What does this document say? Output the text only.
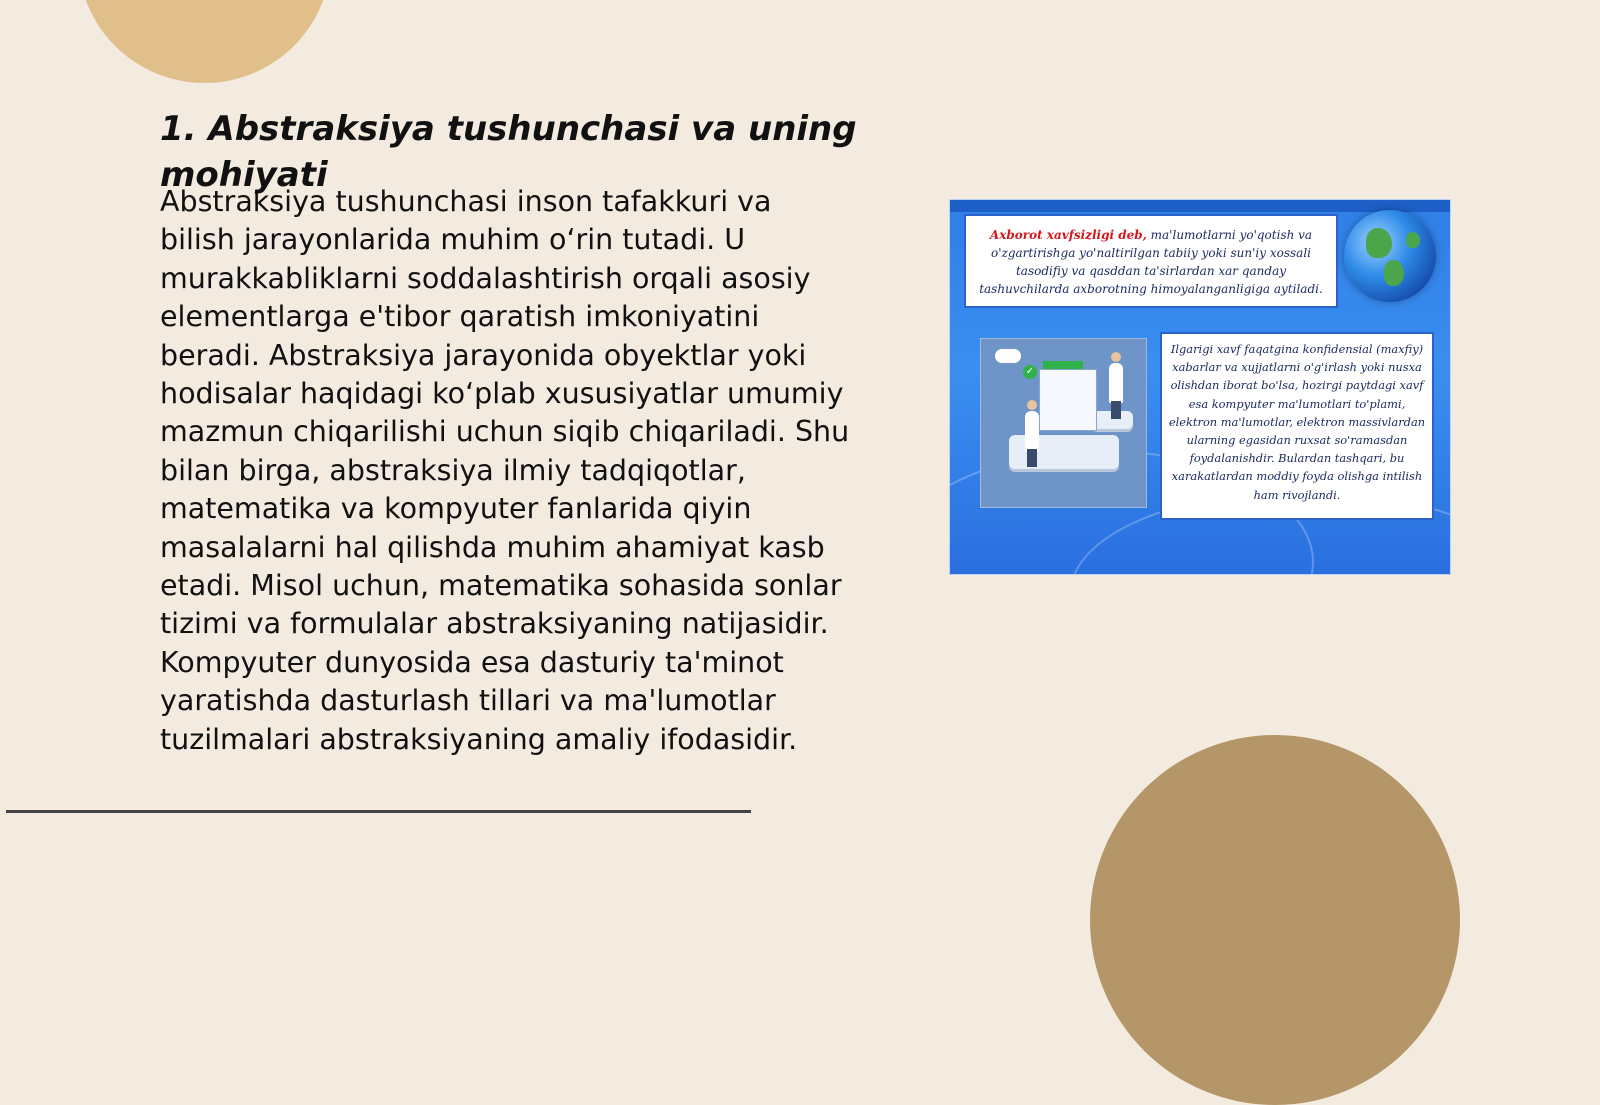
1. Abstraksiya tushunchasi va uning mohiyati

Abstraksiya tushunchasi inson tafakkuri va bilish jarayonlarida muhim o‘rin tutadi. U murakkabliklarni soddalashtirish orqali asosiy elementlarga e'tibor qaratish imkoniyatini beradi. Abstraksiya jarayonida obyektlar yoki hodisalar haqidagi ko‘plab xususiyatlar umumiy mazmun chiqarilishi uchun siqib chiqariladi. Shu bilan birga, abstraksiya ilmiy tadqiqotlar, matematika va kompyuter fanlarida qiyin masalalarni hal qilishda muhim ahamiyat kasb etadi. Misol uchun, matematika sohasida sonlar tizimi va formulalar abstraksiyaning natijasidir. Kompyuter dunyosida esa dasturiy ta'minot yaratishda dasturlash tillari va ma'lumotlar tuzilmalari abstraksiyaning amaliy ifodasidir.

Axborot xavfsizligi deb, ma'lumotlarni yo'qotish va o'zgartirishga yo'naltirilgan tabiiy yoki sun'iy xossali tasodifiy va qasddan ta'sirlardan xar qanday tashuvchilarda axborotning himoyalanganligiga aytiladi.
✓
Ilgarigi xavf faqatgina konfidensial (maxfiy) xabarlar va xujjatlarni o'g'irlash yoki nusxa olishdan iborat bo'lsa, hozirgi paytdagi xavf esa kompyuter ma'lumotlari to'plami, elektron ma'lumotlar, elektron massivlardan ularning egasidan ruxsat so'ramasdan foydalanishdir. Bulardan tashqari, bu xarakatlardan moddiy foyda olishga intilish ham rivojlandi.
